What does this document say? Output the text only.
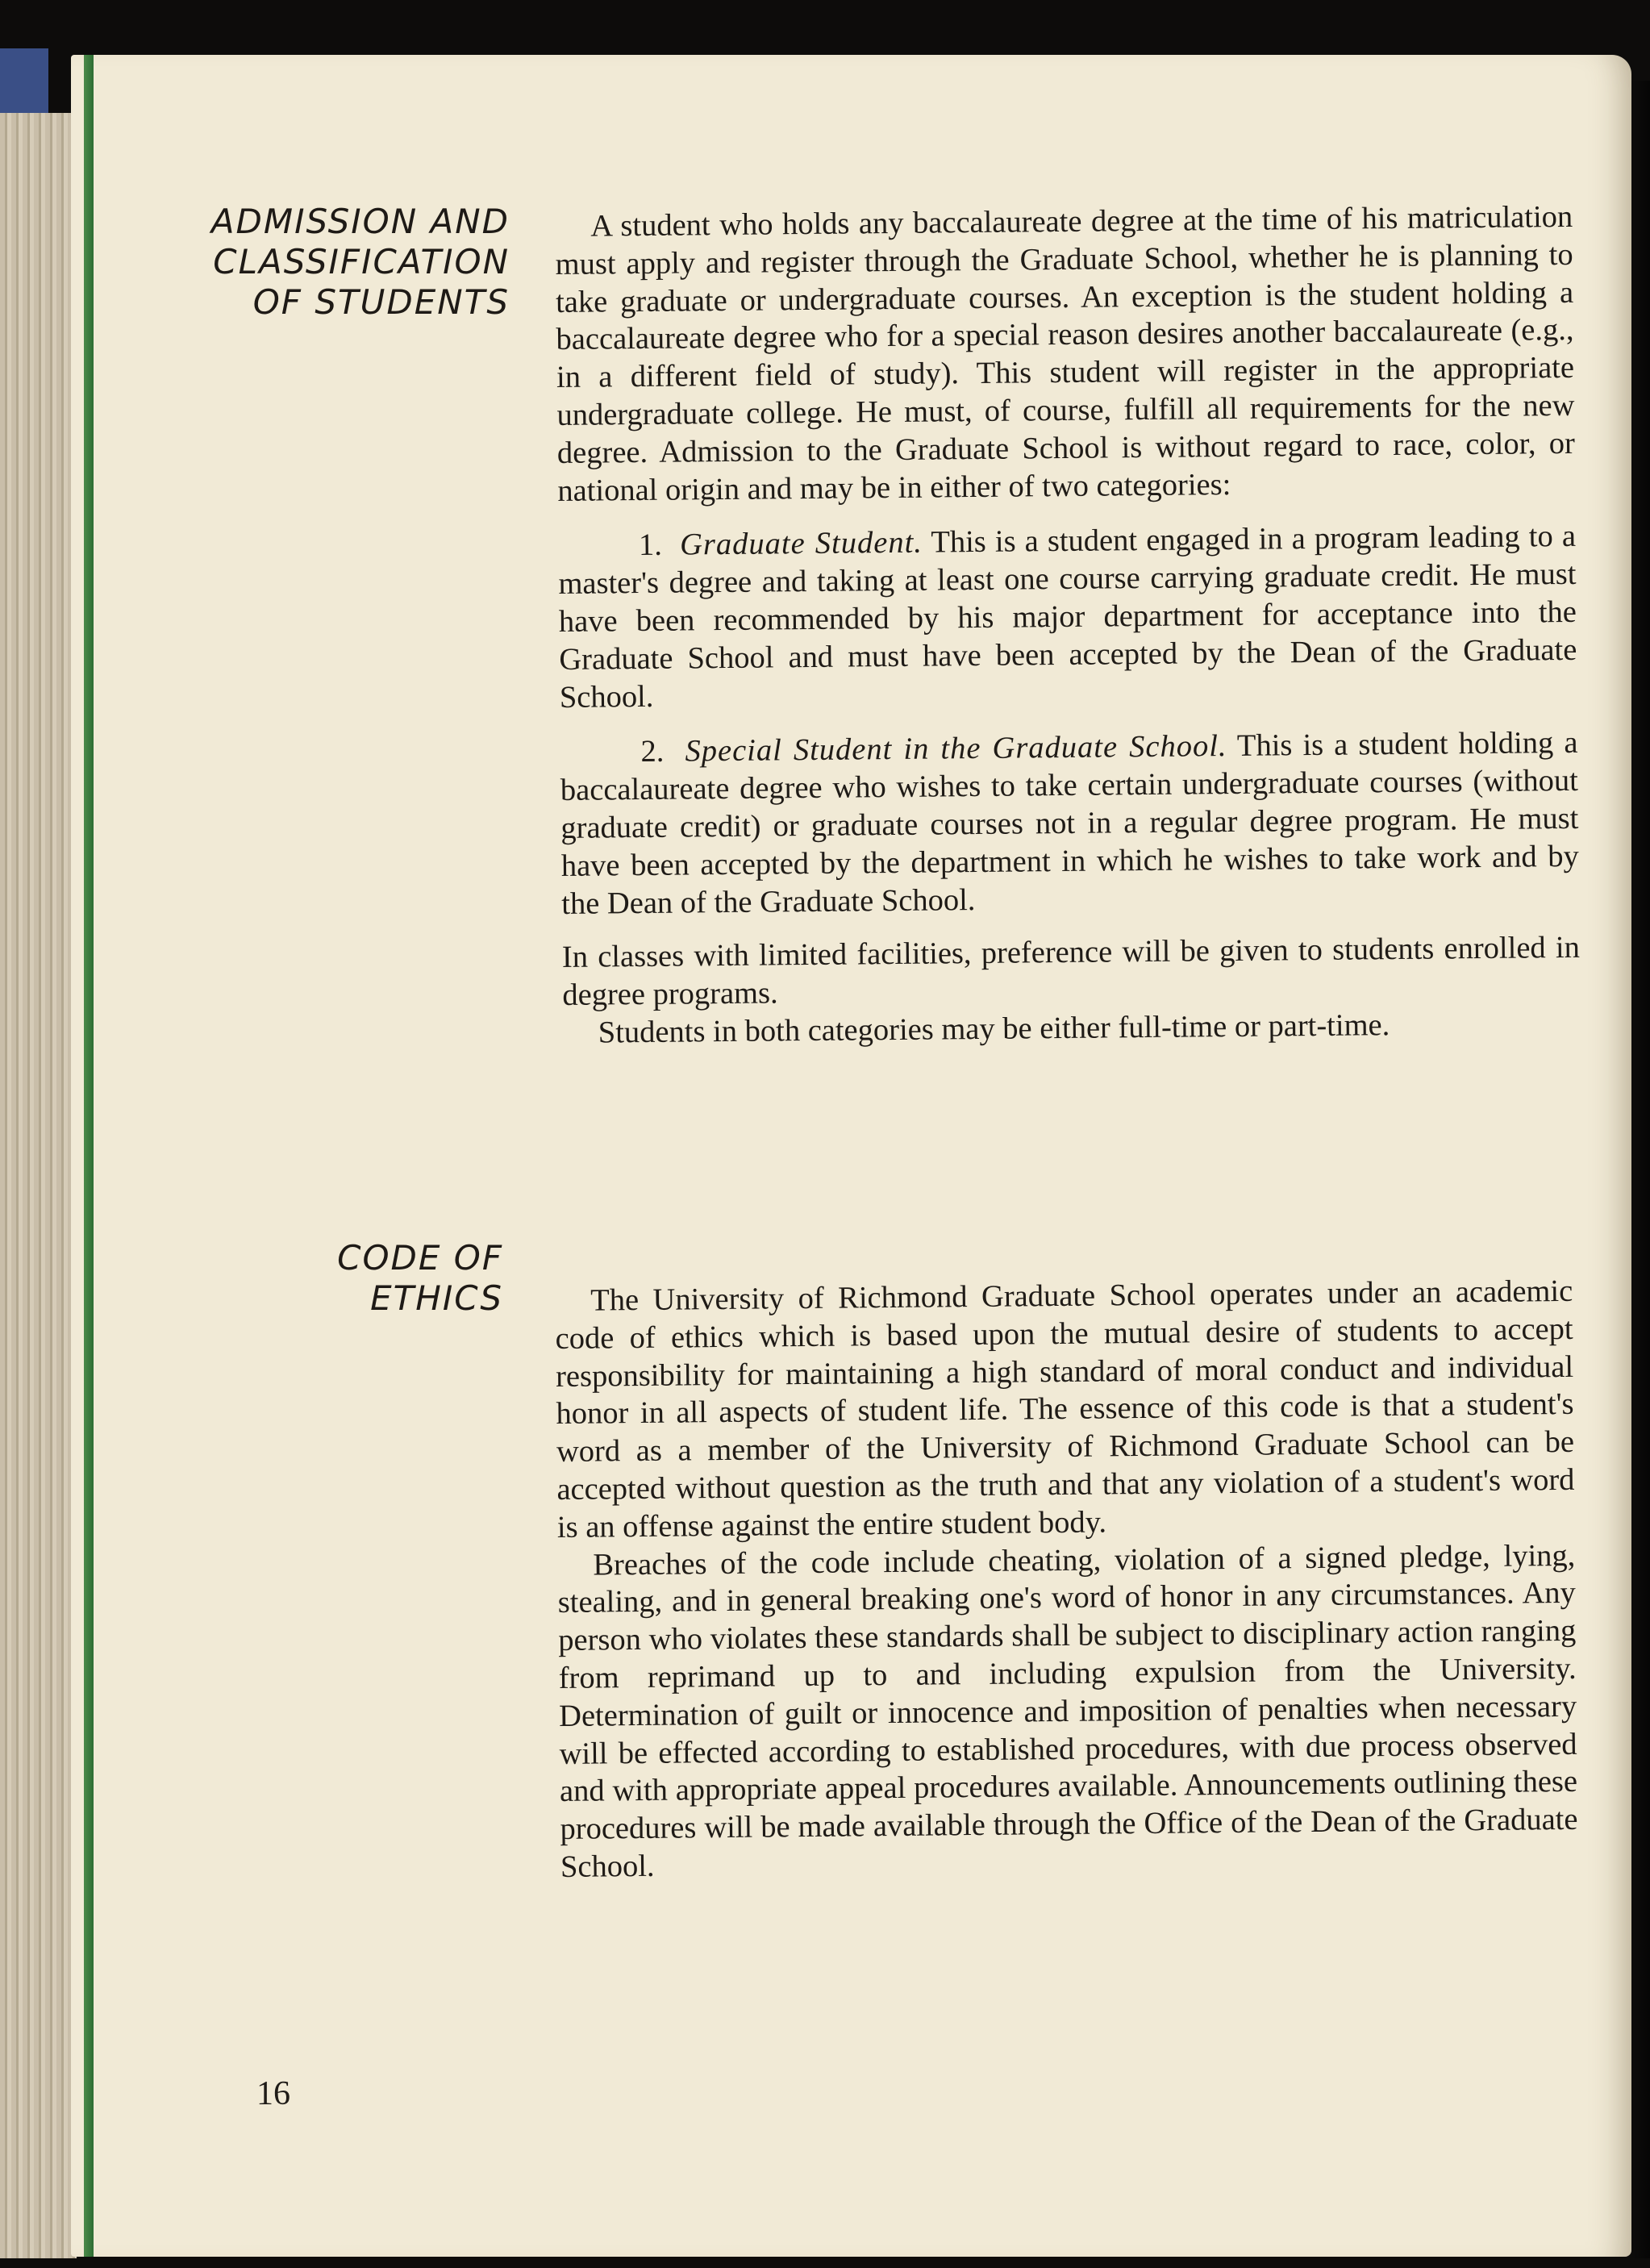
ADMISSION AND
CLASSIFICATION
OF STUDENTS

A student who holds any baccalaureate degree at the time of his matriculation must apply and register through the Graduate School, whether he is planning to take graduate or undergraduate courses. An exception is the student holding a baccalaureate degree who for a special reason desires another baccalaureate (e.g., in a different field of study). This student will register in the appropriate undergraduate college. He must, of course, fulfill all requirements for the new degree. Admission to the Graduate School is without regard to race, color, or national origin and may be in either of two categories:

1. Graduate Student. This is a student engaged in a program leading to a master's degree and taking at least one course carrying graduate credit. He must have been recommended by his major department for acceptance into the Graduate School and must have been accepted by the Dean of the Graduate School.

2. Special Student in the Graduate School. This is a student holding a baccalaureate degree who wishes to take certain undergraduate courses (without graduate credit) or graduate courses not in a regular degree program. He must have been accepted by the department in which he wishes to take work and by the Dean of the Graduate School.

In classes with limited facilities, preference will be given to students enrolled in degree programs.

Students in both categories may be either full-time or part-time.

CODE OF
ETHICS	The University of Richmond Graduate School operates under an academic code of ethics which is based upon the mutual desire of students to accept responsibility for maintaining a high standard of moral conduct and individual honor in all aspects of student life. The essence of this code is that a student's word as a member of the University of Richmond Graduate School can be accepted without question as the truth and that any violation of a student's word is an offense against the entire student body.

Breaches of the code include cheating, violation of a signed pledge, lying, stealing, and in general breaking one's word of honor in any circumstances. Any person who violates these standards shall be subject to disciplinary action ranging from reprimand up to and including expulsion from the University. Determination of guilt or innocence and imposition of penalties when necessary will be effected according to established procedures, with due process observed and with appropriate appeal procedures available. Announcements outlining these procedures will be made available through the Office of the Dean of the Graduate School.

16
